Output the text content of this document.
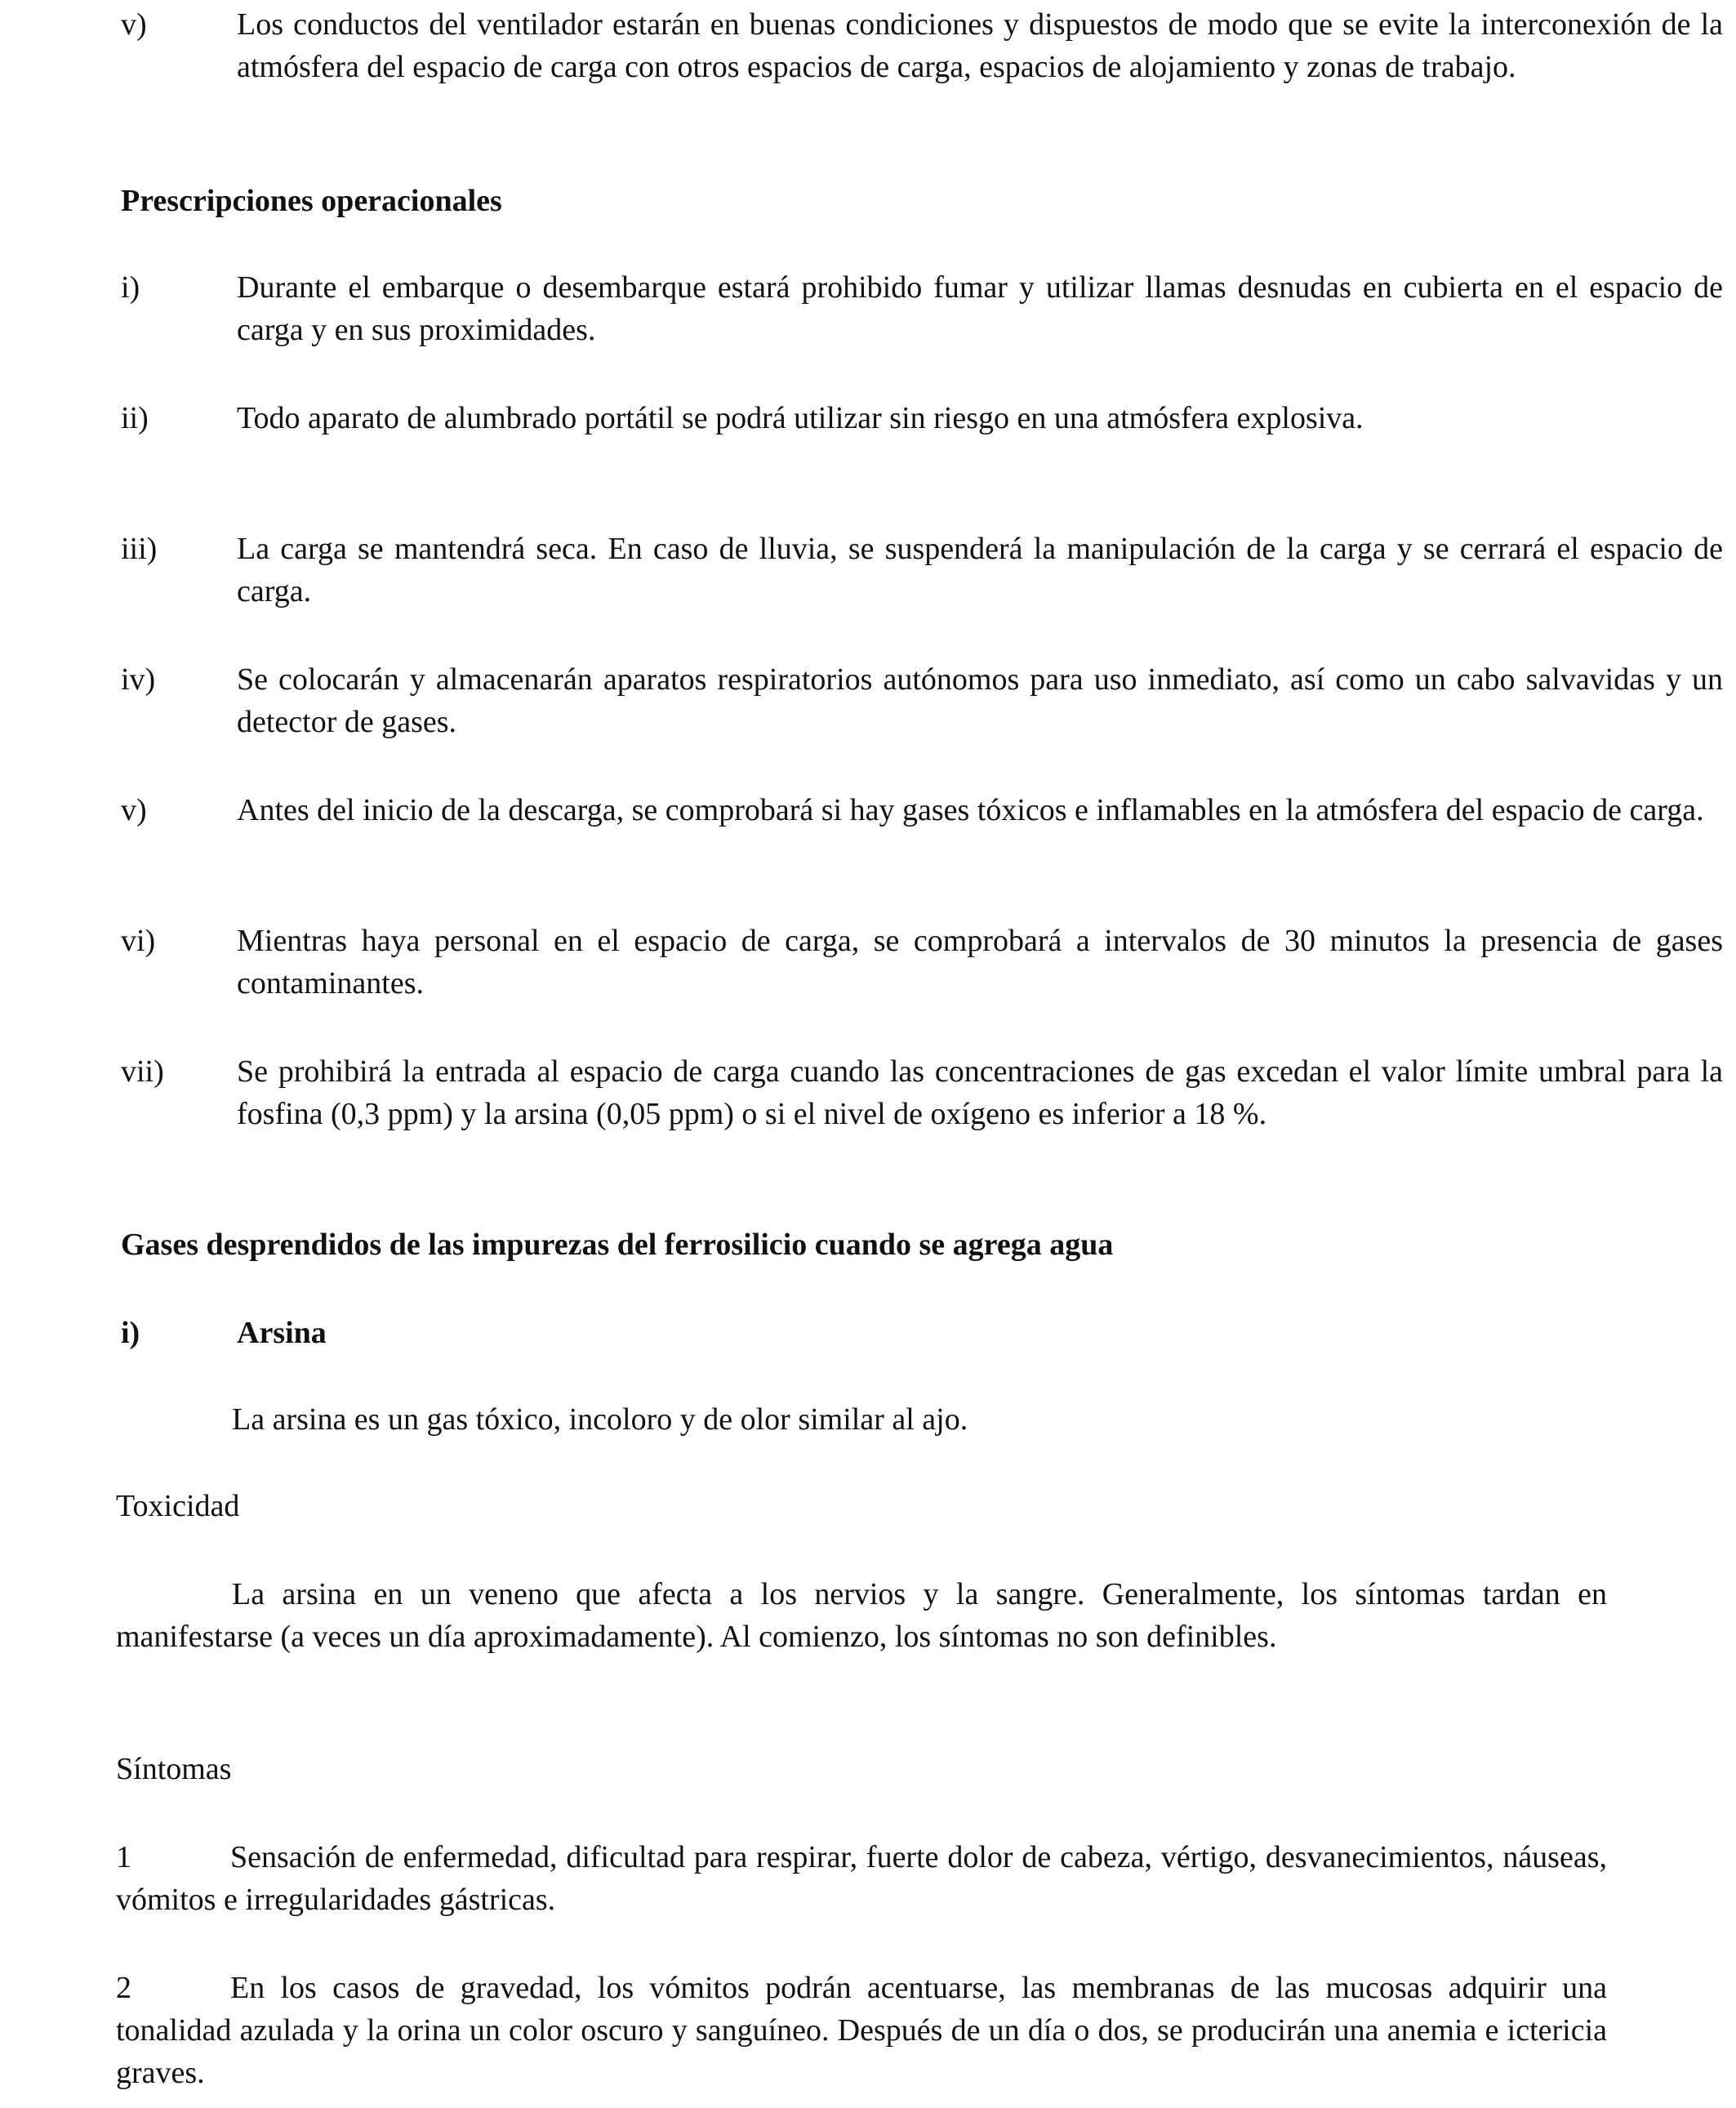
v)	Los conductos del ventilador estarán en buenas condiciones y dispuestos de modo que se evite la interconexión de la atmósfera del espacio de carga con otros espacios de carga, espacios de alojamiento y zonas de trabajo.
Prescripciones operacionales
i)	Durante el embarque o desembarque estará prohibido fumar y utilizar llamas desnudas en cubierta en el espacio de carga y en sus proximidades.
ii)	Todo aparato de alumbrado portátil se podrá utilizar sin riesgo en una atmósfera explosiva.
iii)	La carga se mantendrá seca. En caso de lluvia, se suspenderá la manipulación de la carga y se cerrará el espacio de carga.
iv)	Se colocarán y almacenarán aparatos respiratorios autónomos para uso inmediato, así como un cabo salvavidas y un detector de gases.
v)	Antes del inicio de la descarga, se comprobará si hay gases tóxicos e inflamables en la atmósfera del espacio de carga.
vi)	Mientras haya personal en el espacio de carga, se comprobará a intervalos de 30 minutos la presencia de gases contaminantes.
vii) Se prohibirá la entrada al espacio de carga cuando las concentraciones de gas excedan el valor límite umbral para la fosfina (0,3 ppm) y la arsina (0,05 ppm) o si el nivel de oxígeno es inferior a 18 %.
Gases desprendidos de las impurezas del ferrosilicio cuando se agrega agua
i)	Arsina
La arsina es un gas tóxico, incoloro y de olor similar al ajo.
Toxicidad
La arsina en un veneno que afecta a los nervios y la sangre. Generalmente, los síntomas tardan en manifestarse (a veces un día aproximadamente). Al comienzo, los síntomas no son definibles.
Síntomas
1	Sensación de enfermedad, dificultad para respirar, fuerte dolor de cabeza, vértigo, desvanecimientos, náuseas, vómitos e irregularidades gástricas.
2	En los casos de gravedad, los vómitos podrán acentuarse, las membranas de las mucosas adquirir una tonalidad azulada y la orina un color oscuro y sanguíneo. Después de un día o dos, se producirán una anemia e ictericia graves.
